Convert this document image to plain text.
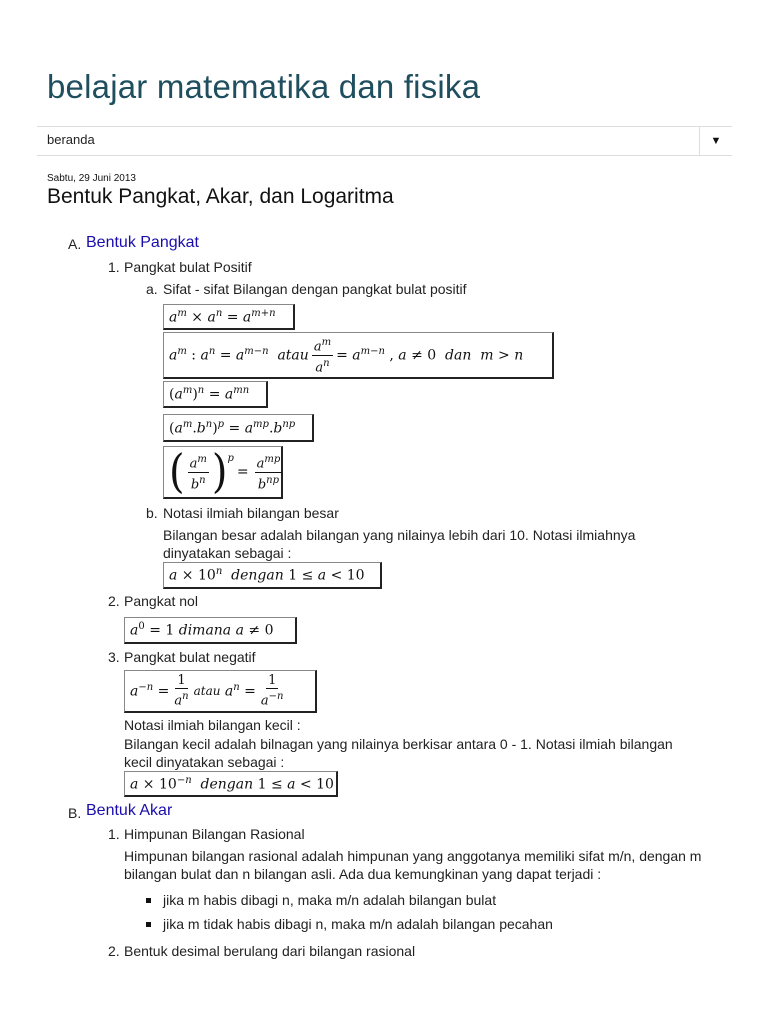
belajar matematika dan fisika
beranda	▼
Sabtu, 29 Juni 2013
Bentuk Pangkat, Akar, dan Logaritma
A. Bentuk Pangkat
1. Pangkat bulat Positif
a. Sifat - sifat Bilangan dengan pangkat bulat positif
$a^m \times a^n = a^{m+n}$
$a^m$ : $a^n = a^{m-n}$  atau $\frac{a^m}{a^n} = a^{m-n}$ , a ≠ 0  dan  m > n
$(a^m)^n = a^{mn}$
$(a^m.b^n)^p = a^{mp}.b^{np}$
( $\frac{a^m}{b^n} )^p$
= $\frac{a^{mp}}{b^{np}}$
b. Notasi ilmiah bilangan besar
Bilangan besar adalah bilangan yang nilainya lebih dari 10. Notasi ilmiahnya dinyatakan sebagai :
$a \times 10^n$  dengan 1 ≤ a < 10
2. Pangkat nol
$a^0 = 1$ dimana a ≠ 0
3. Pangkat bulat negatif
$a^{-n} = \frac{1}{a^n}$ atau
$a^n = \frac{1}{a^{-n}}$
Notasi ilmiah bilangan kecil :
Bilangan kecil adalah bilnagan yang nilainya berkisar antara 0 - 1. Notasi ilmiah bilangan kecil dinyatakan sebagai :
$a \times 10^{-n}$  dengan 1 ≤ a < 10
B. Bentuk Akar
1. Himpunan Bilangan Rasional
Himpunan bilangan rasional adalah himpunan yang anggotanya memiliki sifat m/n, dengan m bilangan bulat dan n bilangan asli. Ada dua kemungkinan yang dapat terjadi :
jika m habis dibagi n, maka m/n adalah bilangan bulat
jika m tidak habis dibagi n, maka m/n adalah bilangan pecahan
2. Bentuk desimal berulang dari bilangan rasional
